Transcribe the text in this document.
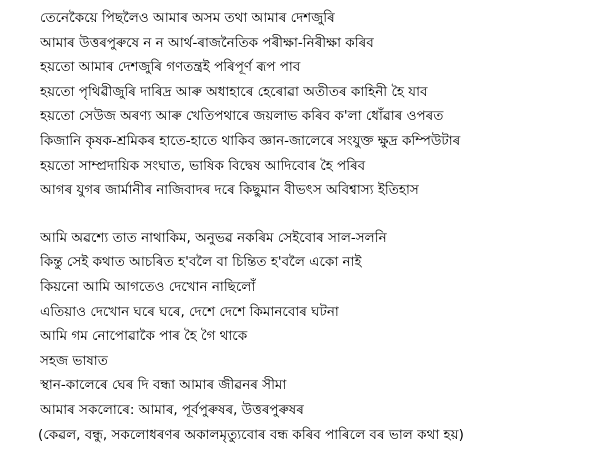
তেনেকৈয়ে পিছলৈও আমাৰ অসম তথা আমাৰ দেশজুৰি
আমাৰ উত্তৰপুৰুষে ন ন আৰ্থ-ৰাজনৈতিক পৰীক্ষা-নিৰীক্ষা কৰিব
হয়তো আমাৰ দেশজুৰি গণতন্ত্ৰই পৰিপূৰ্ণ ৰূপ পাব
হয়তো পৃথিৱীজুৰি দাৰিদ্ৰ আৰু অধাহাৰে হেৰোৱা অতীতৰ কাহিনী হৈ যাব
হয়তো সেউজ অৰণ্য আৰু খেতিপথাৰে জয়লাভ কৰিব ক'লা ধোঁৱাৰ ওপৰত
কিজানি কৃষক-শ্ৰমিকৰ হাতে-হাতে থাকিব জ্ঞান-জালেৰে সংযুক্ত ক্ষুদ্ৰ কম্পিউটাৰ
হয়তো সাম্প্ৰদায়িক সংঘাত, ভাষিক বিদ্বেষ আদিবোৰ হৈ পৰিব
আগৰ যুগৰ জাৰ্মানীৰ নাজিবাদৰ দৰে কিছুমান বীভৎস অবিশ্বাস্য ইতিহাস
আমি অৱশ্যে তাত নাথাকিম, অনুভৱ নকৰিম সেইবোৰ সাল-সলনি
কিন্তু সেই কথাত আচৰিত হ'বলৈ বা চিন্তিত হ'বলৈ একো নাই
কিয়নো আমি আগতেও দেখোন নাছিলোঁ
এতিয়াও দেখোন ঘৰে ঘৰে, দেশে দেশে কিমানবোৰ ঘটনা
আমি গম নোপোৱাকৈ পাৰ হৈ গৈ থাকে
সহজ ভাষাত
স্থান-কালেৰে ঘেৰ দি বন্ধা আমাৰ জীৱনৰ সীমা
আমাৰ সকলোৰে: আমাৰ, পূৰ্বপুৰুষৰ, উত্তৰপুৰুষৰ
(কেৱল, বন্ধু, সকলোধৰণৰ অকালমৃত্যুবোৰ বন্ধ কৰিব পাৰিলে বৰ ভাল কথা হয়)
